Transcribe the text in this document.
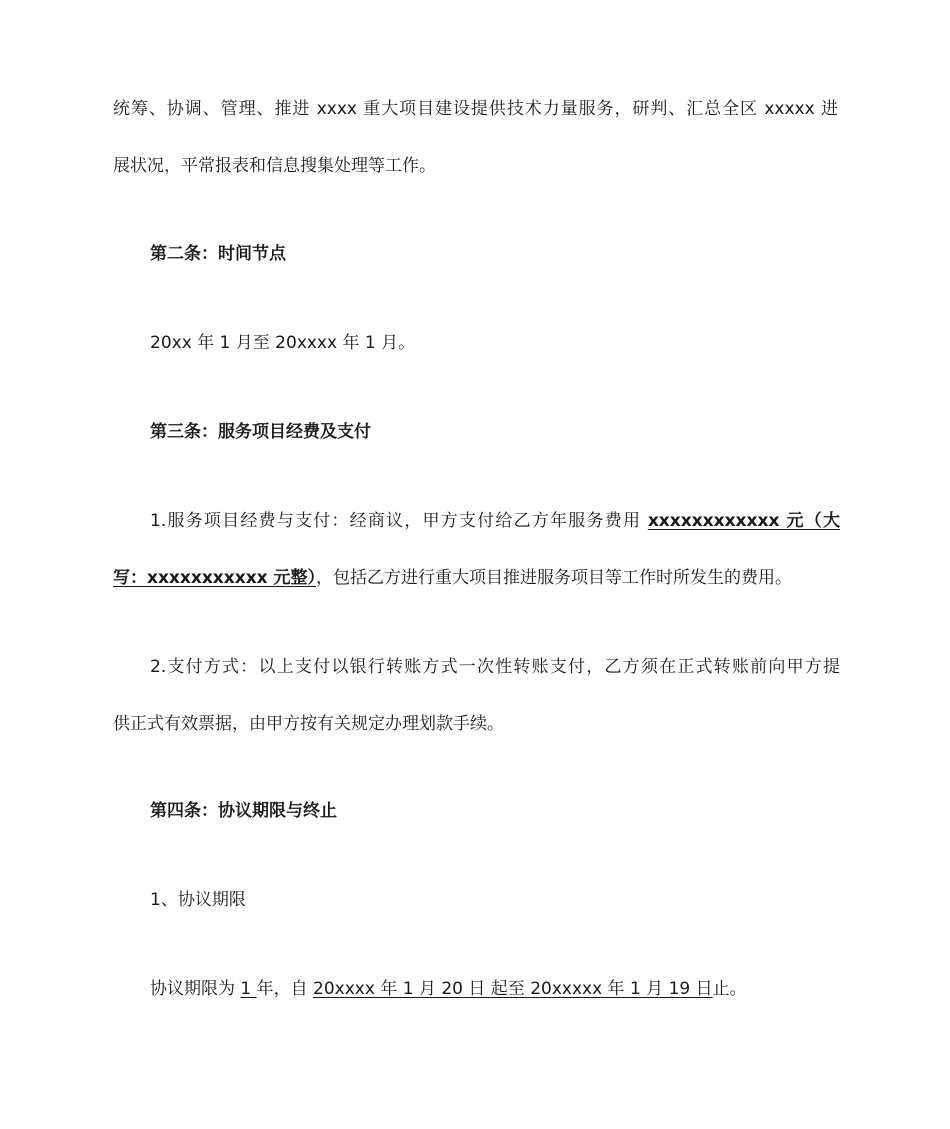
统筹、协调、管理、推进 xxxx 重大项目建设提供技术力量服务，研判、汇总全区 xxxxx 进
展状况，平常报表和信息搜集处理等工作。
第二条：时间节点
20xx 年 1 月至 20xxxx 年 1 月。
第三条：服务项目经费及支付
1.服务项目经费与支付：经商议，甲方支付给乙方年服务费用 xxxxxxxxxxxx 元（大
写：xxxxxxxxxxx 元整），包括乙方进行重大项目推进服务项目等工作时所发生的费用。
2.支付方式：以上支付以银行转账方式一次性转账支付，乙方须在正式转账前向甲方提
供正式有效票据，由甲方按有关规定办理划款手续。
第四条：协议期限与终止
1、协议期限
协议期限为 1 年，自 20xxxx 年 1 月 20 日 起至 20xxxxx 年 1 月 19 日止。
